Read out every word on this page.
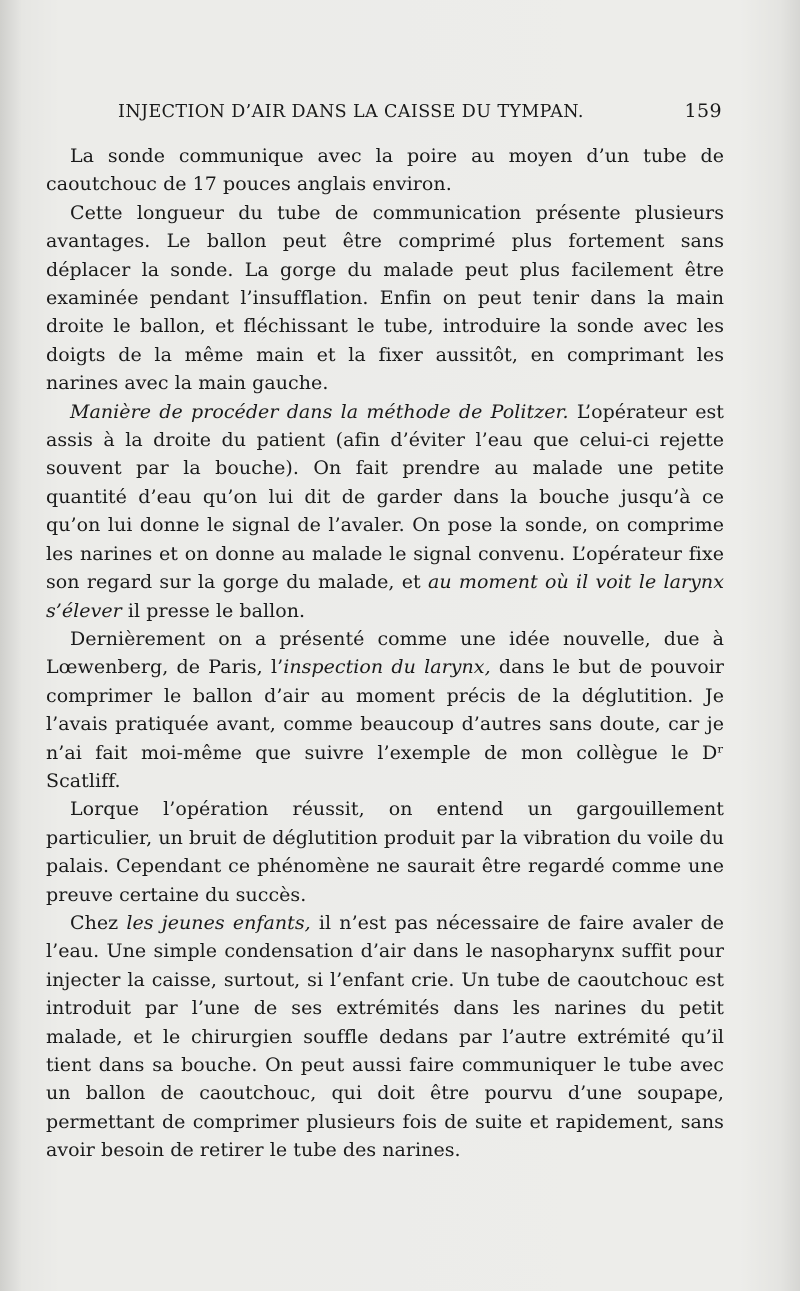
INJECTION D’AIR DANS LA CAISSE DU TYMPAN.	159

La sonde communique avec la poire au moyen d’un tube de caoutchouc de 17 pouces anglais environ.

Cette longueur du tube de communication présente plusieurs avantages. Le ballon peut être comprimé plus fortement sans déplacer la sonde. La gorge du malade peut plus facilement être examinée pendant l’insufflation. Enfin on peut tenir dans la main droite le ballon, et fléchissant le tube, introduire la sonde avec les doigts de la même main et la fixer aussitôt, en comprimant les narines avec la main gauche.

Manière de procéder dans la méthode de Politzer. L’opérateur est assis à la droite du patient (afin d’éviter l’eau que celui-ci rejette souvent par la bouche). On fait prendre au malade une petite quantité d’eau qu’on lui dit de garder dans la bouche jusqu’à ce qu’on lui donne le signal de l’avaler. On pose la sonde, on comprime les narines et on donne au malade le signal convenu. L’opérateur fixe son regard sur la gorge du malade, et au moment où il voit le larynx s’élever il presse le ballon.

Dernièrement on a présenté comme une idée nouvelle, due à Lœwenberg, de Paris, l’inspection du larynx, dans le but de pouvoir comprimer le ballon d’air au moment précis de la déglutition. Je l’avais pratiquée avant, comme beaucoup d’autres sans doute, car je n’ai fait moi-même que suivre l’exemple de mon collègue le Dʳ Scatliff.

Lorque l’opération réussit, on entend un gargouillement particulier, un bruit de déglutition produit par la vibration du voile du palais. Cependant ce phénomène ne saurait être regardé comme une preuve certaine du succès.

Chez les jeunes enfants, il n’est pas nécessaire de faire avaler de l’eau. Une simple condensation d’air dans le nasopharynx suffit pour injecter la caisse, surtout, si l’enfant crie. Un tube de caoutchouc est introduit par l’une de ses extrémités dans les narines du petit malade, et le chirurgien souffle dedans par l’autre extrémité qu’il tient dans sa bouche. On peut aussi faire communiquer le tube avec un ballon de caoutchouc, qui doit être pourvu d’une soupape, permettant de comprimer plusieurs fois de suite et rapidement, sans avoir besoin de retirer le tube des narines.
